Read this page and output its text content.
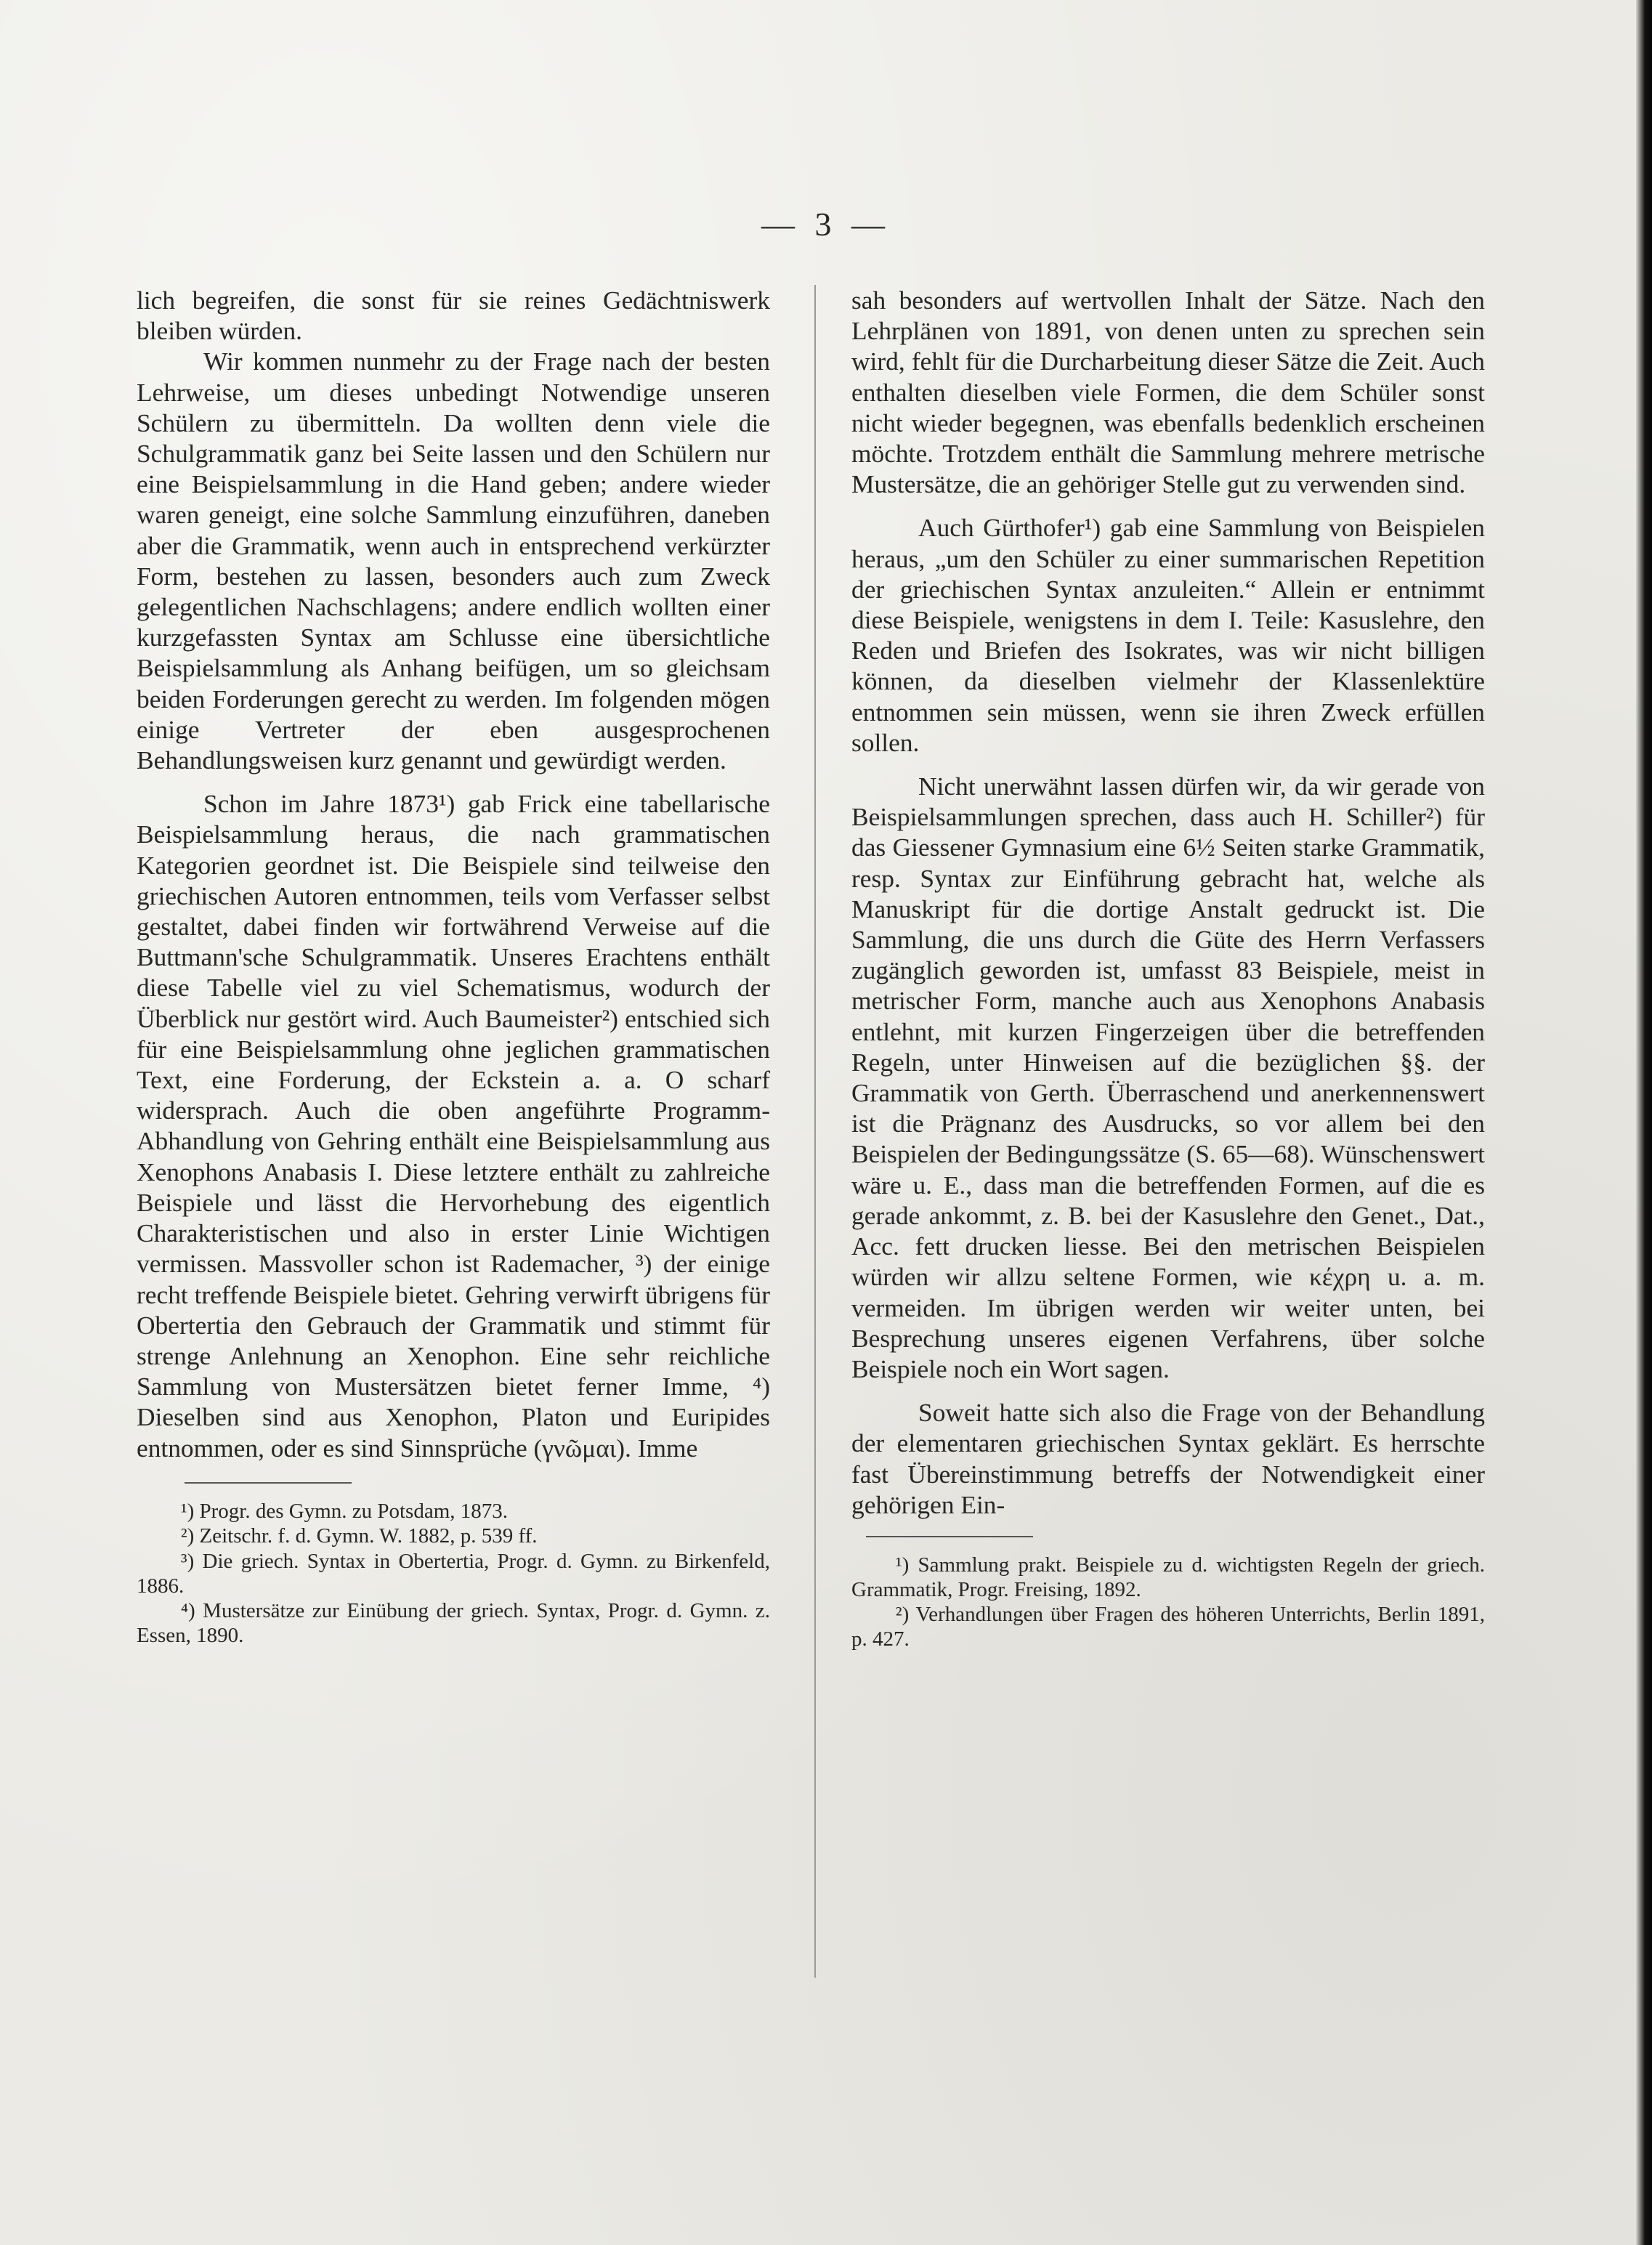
— 3 —

lich begreifen, die sonst für sie reines Gedächtniswerk bleiben würden.

Wir kommen nunmehr zu der Frage nach der besten Lehrweise, um dieses unbedingt Notwendige unseren Schülern zu übermitteln. Da wollten denn viele die Schulgrammatik ganz bei Seite lassen und den Schülern nur eine Beispielsammlung in die Hand geben; andere wieder waren geneigt, eine solche Sammlung einzuführen, daneben aber die Grammatik, wenn auch in entsprechend verkürzter Form, bestehen zu lassen, besonders auch zum Zweck gelegentlichen Nachschlagens; andere endlich wollten einer kurzgefassten Syntax am Schlusse eine übersichtliche Beispielsammlung als Anhang beifügen, um so gleichsam beiden Forderungen gerecht zu werden. Im folgenden mögen einige Vertreter der eben ausgesprochenen Behandlungsweisen kurz genannt und gewürdigt werden.

Schon im Jahre 1873¹) gab Frick eine tabellarische Beispielsammlung heraus, die nach grammatischen Kategorien geordnet ist. Die Beispiele sind teilweise den griechischen Autoren entnommen, teils vom Verfasser selbst gestaltet, dabei finden wir fortwährend Verweise auf die Buttmann'sche Schulgrammatik. Unseres Erachtens enthält diese Tabelle viel zu viel Schematismus, wodurch der Überblick nur gestört wird. Auch Baumeister²) entschied sich für eine Beispielsammlung ohne jeglichen grammatischen Text, eine Forderung, der Eckstein a. a. O scharf widersprach. Auch die oben angeführte Programm-Abhandlung von Gehring enthält eine Beispielsammlung aus Xenophons Anabasis I. Diese letztere enthält zu zahlreiche Beispiele und lässt die Hervorhebung des eigentlich Charakteristischen und also in erster Linie Wichtigen vermissen. Massvoller schon ist Rademacher, ³) der einige recht treffende Beispiele bietet. Gehring verwirft übrigens für Obertertia den Gebrauch der Grammatik und stimmt für strenge Anlehnung an Xenophon. Eine sehr reichliche Sammlung von Mustersätzen bietet ferner Imme, ⁴) Dieselben sind aus Xenophon, Platon und Euripides entnommen, oder es sind Sinnsprüche (γνῶμαι). Imme

¹) Progr. des Gymn. zu Potsdam, 1873.

²) Zeitschr. f. d. Gymn. W. 1882, p. 539 ff.

³) Die griech. Syntax in Obertertia, Progr. d. Gymn. zu Birkenfeld, 1886.

⁴) Mustersätze zur Einübung der griech. Syntax, Progr. d. Gymn. z. Essen, 1890.

sah besonders auf wertvollen Inhalt der Sätze. Nach den Lehrplänen von 1891, von denen unten zu sprechen sein wird, fehlt für die Durcharbeitung dieser Sätze die Zeit. Auch enthalten dieselben viele Formen, die dem Schüler sonst nicht wieder begegnen, was ebenfalls bedenklich erscheinen möchte. Trotzdem enthält die Sammlung mehrere metrische Mustersätze, die an gehöriger Stelle gut zu verwenden sind.

Auch Gürthofer¹) gab eine Sammlung von Beispielen heraus, „um den Schüler zu einer summarischen Repetition der griechischen Syntax anzuleiten.“ Allein er entnimmt diese Beispiele, wenigstens in dem I. Teile: Kasuslehre, den Reden und Briefen des Isokrates, was wir nicht billigen können, da dieselben vielmehr der Klassenlektüre entnommen sein müssen, wenn sie ihren Zweck erfüllen sollen.

Nicht unerwähnt lassen dürfen wir, da wir gerade von Beispielsammlungen sprechen, dass auch H. Schiller²) für das Giessener Gymnasium eine 6½ Seiten starke Grammatik, resp. Syntax zur Einführung gebracht hat, welche als Manuskript für die dortige Anstalt gedruckt ist. Die Sammlung, die uns durch die Güte des Herrn Verfassers zugänglich geworden ist, umfasst 83 Beispiele, meist in metrischer Form, manche auch aus Xenophons Anabasis entlehnt, mit kurzen Fingerzeigen über die betreffenden Regeln, unter Hinweisen auf die bezüglichen §§. der Grammatik von Gerth. Überraschend und anerkennenswert ist die Prägnanz des Ausdrucks, so vor allem bei den Beispielen der Bedingungssätze (S. 65—68). Wünschenswert wäre u. E., dass man die betreffenden Formen, auf die es gerade ankommt, z. B. bei der Kasuslehre den Genet., Dat., Acc. fett drucken liesse. Bei den metrischen Beispielen würden wir allzu seltene Formen, wie κέχρη u. a. m. vermeiden. Im übrigen werden wir weiter unten, bei Besprechung unseres eigenen Verfahrens, über solche Beispiele noch ein Wort sagen.

Soweit hatte sich also die Frage von der Behandlung der elementaren griechischen Syntax geklärt. Es herrschte fast Übereinstimmung betreffs der Notwendigkeit einer gehörigen Ein-

¹) Sammlung prakt. Beispiele zu d. wichtigsten Regeln der griech. Grammatik, Progr. Freising, 1892.

²) Verhandlungen über Fragen des höheren Unterrichts, Berlin 1891, p. 427.
